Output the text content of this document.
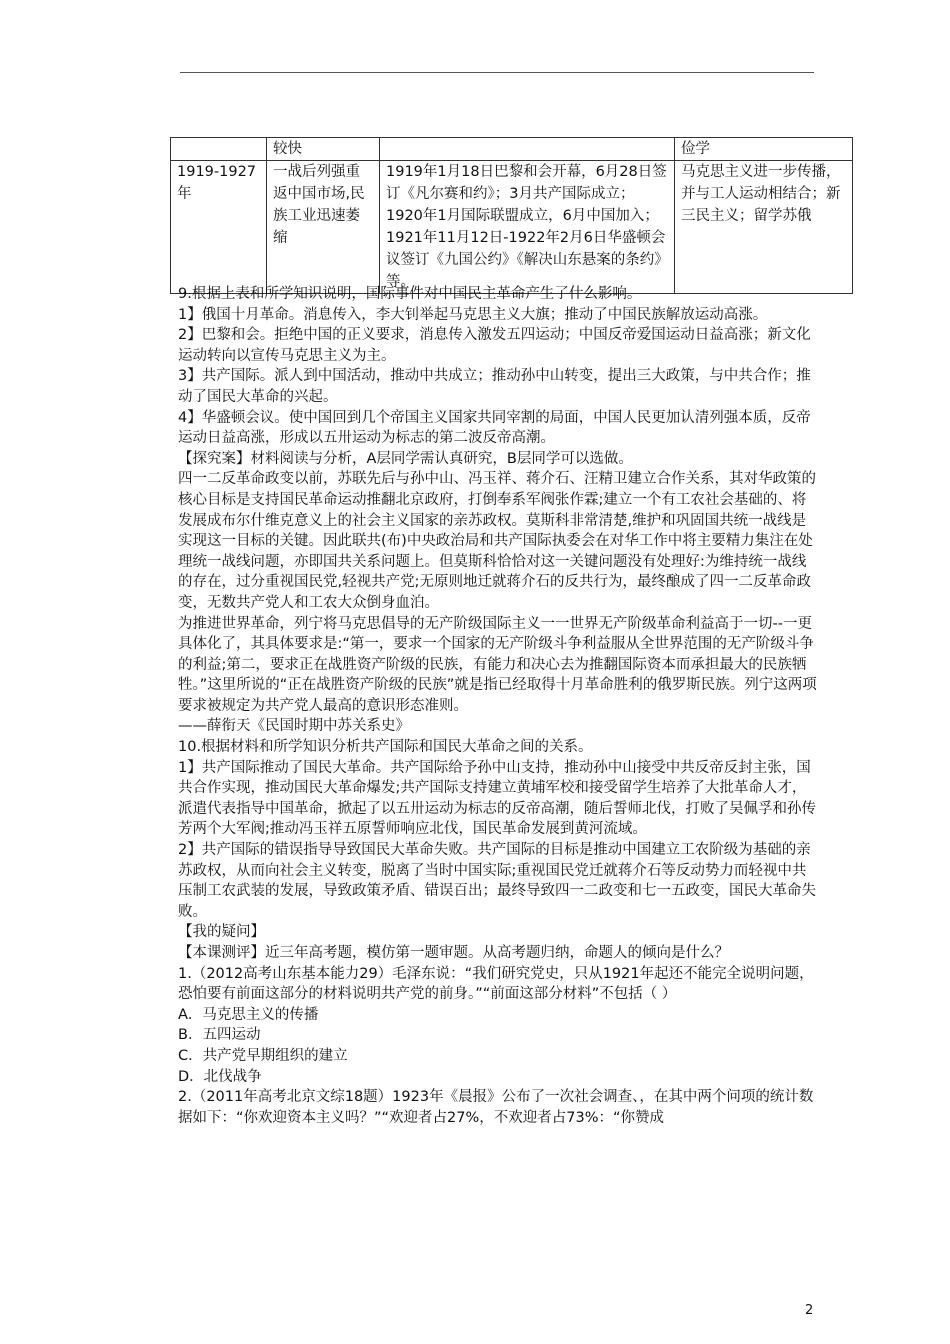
	较快		俭学
1919-1927年	一战后列强重返中国市场,民族工业迅速萎缩	1919年1月18日巴黎和会开幕，6月28日签订《凡尔赛和约》；3月共产国际成立；1920年1月国际联盟成立，6月中国加入；1921年11月12日-1922年2月6日华盛顿会议签订《九国公约》《解决山东悬案的条约》等。	马克思主义进一步传播，并与工人运动相结合；新三民主义；留学苏俄

9.根据上表和所学知识说明，国际事件对中国民主革命产生了什么影响。

1】俄国十月革命。消息传入，李大钊举起马克思主义大旗；推动了中国民族解放运动高涨。

2】巴黎和会。拒绝中国的正义要求，消息传入激发五四运动；中国反帝爱国运动日益高涨；新文化运动转向以宣传马克思主义为主。

3】共产国际。派人到中国活动，推动中共成立；推动孙中山转变，提出三大政策，与中共合作；推动了国民大革命的兴起。

4】华盛顿会议。使中国回到几个帝国主义国家共同宰割的局面，中国人民更加认清列强本质，反帝运动日益高涨，形成以五卅运动为标志的第二波反帝高潮。

【探究案】材料阅读与分析，A层同学需认真研究，B层同学可以选做。

四一二反革命政变以前，苏联先后与孙中山、冯玉祥、蒋介石、汪精卫建立合作关系，其对华政策的核心目标是支持国民革命运动推翻北京政府，打倒奉系军阀张作霖;建立一个有工农社会基础的、将发展成布尔什维克意义上的社会主义国家的亲苏政权。莫斯科非常清楚,维护和巩固国共统一战线是实现这一目标的关键。因此联共(布)中央政治局和共产国际执委会在对华工作中将主要精力集注在处理统一战线问题，亦即国共关系问题上。但莫斯科恰恰对这一关键问题没有处理好:为维持统一战线的存在，过分重视国民党,轻视共产党;无原则地迁就蒋介石的反共行为，最终酿成了四一二反革命政变，无数共产党人和工农大众倒身血泊。

为推进世界革命，列宁将马克思倡导的无产阶级国际主义一一世界无产阶级革命利益高于一切--一更具体化了，其具体要求是:“第一，要求一个国家的无产阶级斗争利益服从全世界范围的无产阶级斗争的利益;第二，要求正在战胜资产阶级的民族，有能力和决心去为推翻国际资本而承担最大的民族牺牲。”这里所说的“正在战胜资产阶级的民族”就是指已经取得十月革命胜利的俄罗斯民族。列宁这两项要求被规定为共产党人最高的意识形态准则。

——薛衔天《民国时期中苏关系史》

10.根据材料和所学知识分析共产国际和国民大革命之间的关系。

1】共产国际推动了国民大革命。共产国际给予孙中山支持，推动孙中山接受中共反帝反封主张，国共合作实现，推动国民大革命爆发;共产国际支持建立黄埔军校和接受留学生培养了大批革命人才，派遣代表指导中国革命，掀起了以五卅运动为标志的反帝高潮，随后誓师北伐，打败了吴佩孚和孙传芳两个大军阀;推动冯玉祥五原誓师响应北伐，国民革命发展到黄河流域。

2】共产国际的错误指导导致国民大革命失败。共产国际的目标是推动中国建立工农阶级为基础的亲苏政权，从而向社会主义转变，脱离了当时中国实际;重视国民党迁就蒋介石等反动势力而轻视中共压制工农武装的发展，导致政策矛盾、错误百出；最终导致四一二政变和七一五政变，国民大革命失败。

【我的疑问】

【本课测评】近三年高考题，模仿第一题审题。从高考题归纳，命题人的倾向是什么？

1.（2012高考山东基本能力29）毛泽东说：“我们研究党史，只从1921年起还不能完全说明问题，恐怕要有前面这部分的材料说明共产党的前身。”“前面这部分材料”不包括（ ）

A．马克思主义的传播

B．五四运动

C．共产党早期组织的建立

D．北伐战争

2.（2011年高考北京文综18题）1923年《晨报》公布了一次社会调查、，在其中两个问项的统计数据如下：“你欢迎资本主义吗？”“欢迎者占27%，不欢迎者占73%：“你赞成

2
